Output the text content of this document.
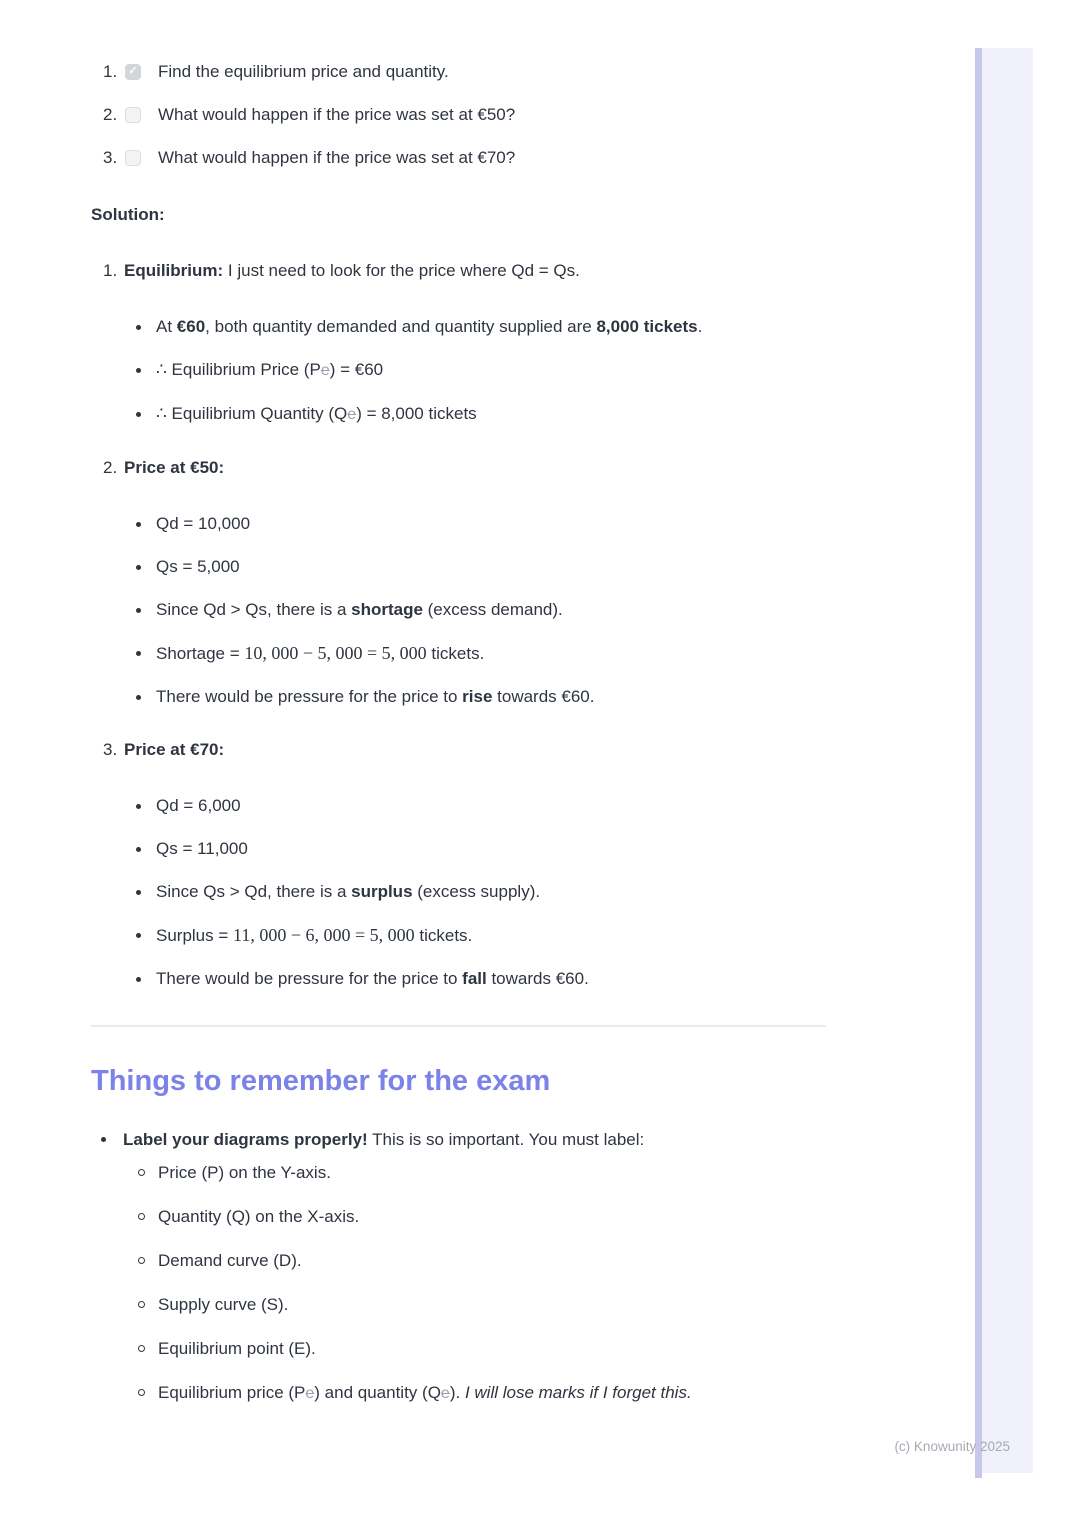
1.	✓ Find the equilibrium price and quantity.
2.	What would happen if the price was set at €50?
3.	What would happen if the price was set at €70?
Solution:
1. Equilibrium: I just need to look for the price where Qd = Qs.
At €60, both quantity demanded and quantity supplied are 8,000 tickets.
∴ Equilibrium Price (Pe) = €60
∴ Equilibrium Quantity (Qe) = 8,000 tickets
2. Price at €50:
Qd = 10,000
Qs = 5,000
Since Qd > Qs, there is a shortage (excess demand).
Shortage = 10, 000 − 5, 000 = 5, 000 tickets.
There would be pressure for the price to rise towards €60.
3. Price at €70:
Qd = 6,000
Qs = 11,000
Since Qs > Qd, there is a surplus (excess supply).
Surplus = 11, 000 − 6, 000 = 5, 000 tickets.
There would be pressure for the price to fall towards €60.
Things to remember for the exam
Label your diagrams properly! This is so important. You must label:
Price (P) on the Y-axis.
Quantity (Q) on the X-axis.
Demand curve (D).
Supply curve (S).
Equilibrium point (E).
Equilibrium price (Pe) and quantity (Qe). I will lose marks if I forget this.
(c) Knowunity 2025
